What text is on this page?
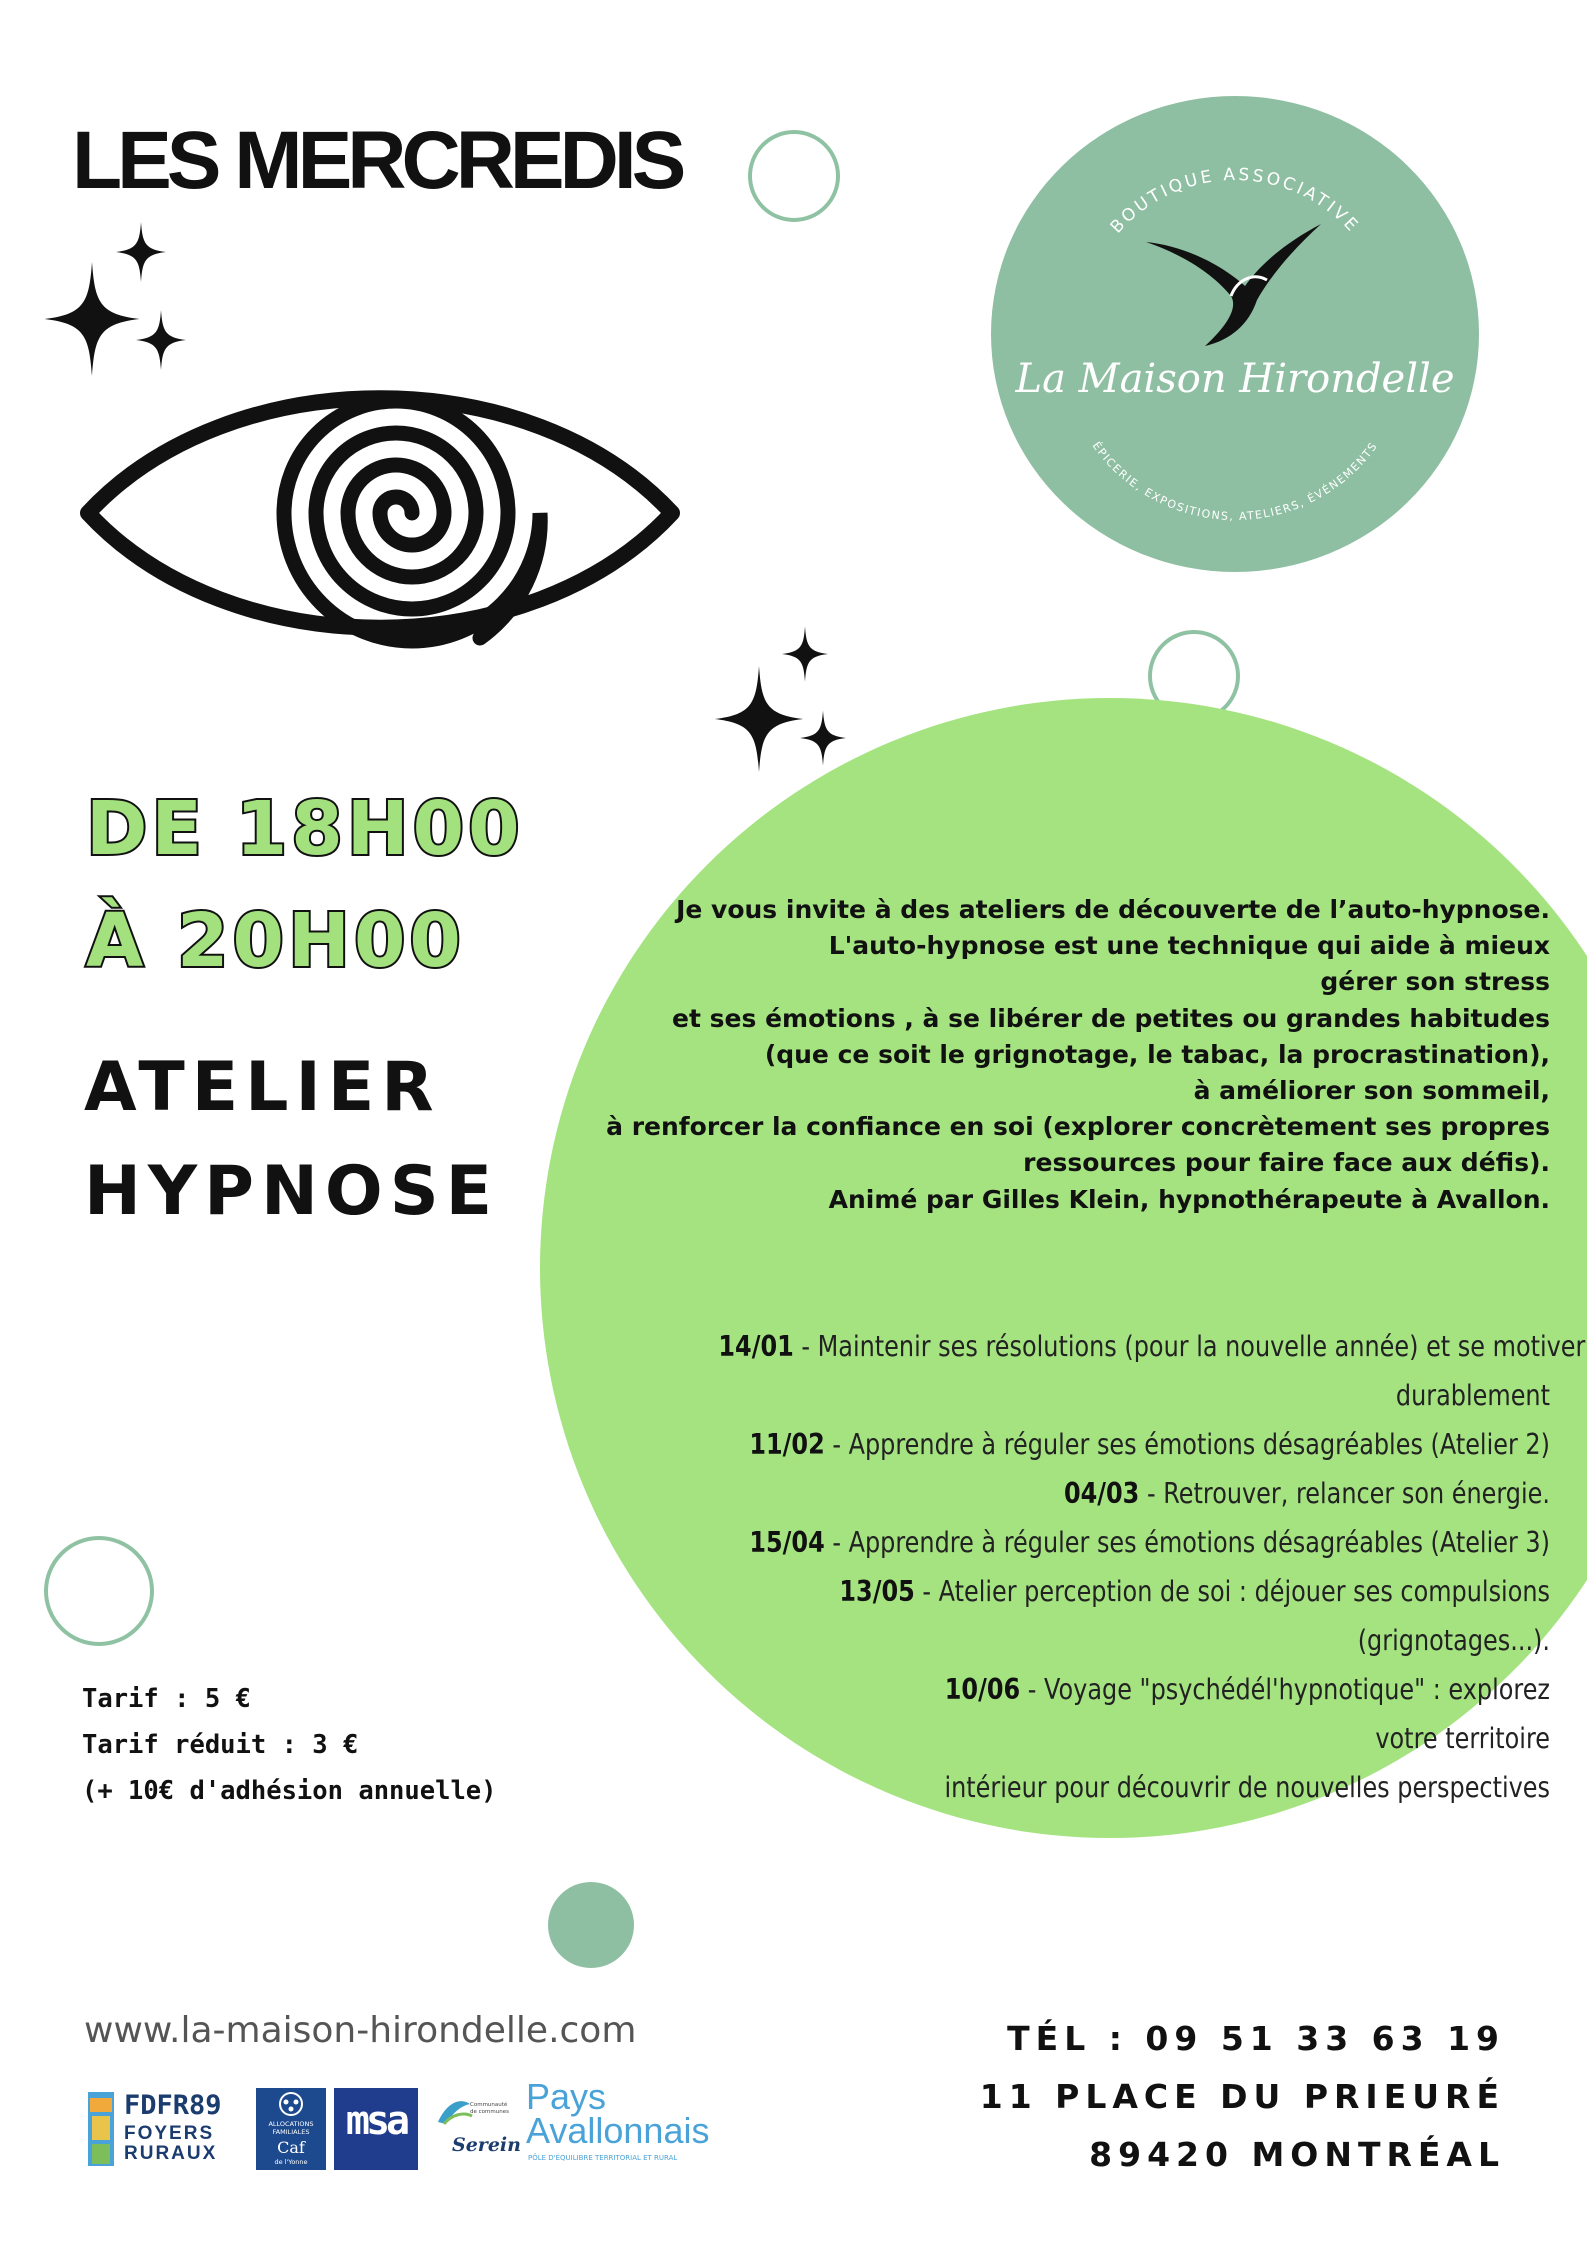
LES MERCREDIS
DE 18H00
À 20H00
ATELIER
HYPNOSE
BOUTIQUE ASSOCIATIVE
ÉPICERIE, EXPOSITIONS, ATELIERS, ÉVÉNEMENTS
La Maison Hirondelle
Je vous invite à des ateliers de découverte de l’auto-hypnose.
L'auto-hypnose est une technique qui aide à mieux
gérer son stress
et ses émotions , à se libérer de petites ou grandes habitudes
(que ce soit le grignotage, le tabac, la procrastination),
à améliorer son sommeil,
à renforcer la confiance en soi (explorer concrètement ses propres
ressources pour faire face aux défis).
Animé par Gilles Klein, hypnothérapeute à Avallon.
14/01 - Maintenir ses résolutions (pour la nouvelle année) et se motiver
durablement
11/02 - Apprendre à réguler ses émotions désagréables (Atelier 2)
04/03 - Retrouver, relancer son énergie.
15/04 - Apprendre à réguler ses émotions désagréables (Atelier 3)
13/05 - Atelier perception de soi : déjouer ses compulsions
(grignotages...).
10/06 - Voyage "psychédél'hypnotique" : explorez
votre territoire
intérieur pour découvrir de nouvelles perspectives
Tarif : 5 €
Tarif réduit : 3 €
(+ 10€ d'adhésion annuelle)
www.la-maison-hirondelle.com	TÉL : 09 51 33 63 19
11 PLACE DU PRIEURÉ
89420 MONTRÉAL
FDFR89
FOYERS
RURAUX
ALLOCATIONS
FAMILIALES
Caf
de l'Yonne
msa	Communauté de communes
Serein
Pays
Avallonnais
PÔLE D'ÉQUILIBRE TERRITORIAL ET RURAL
